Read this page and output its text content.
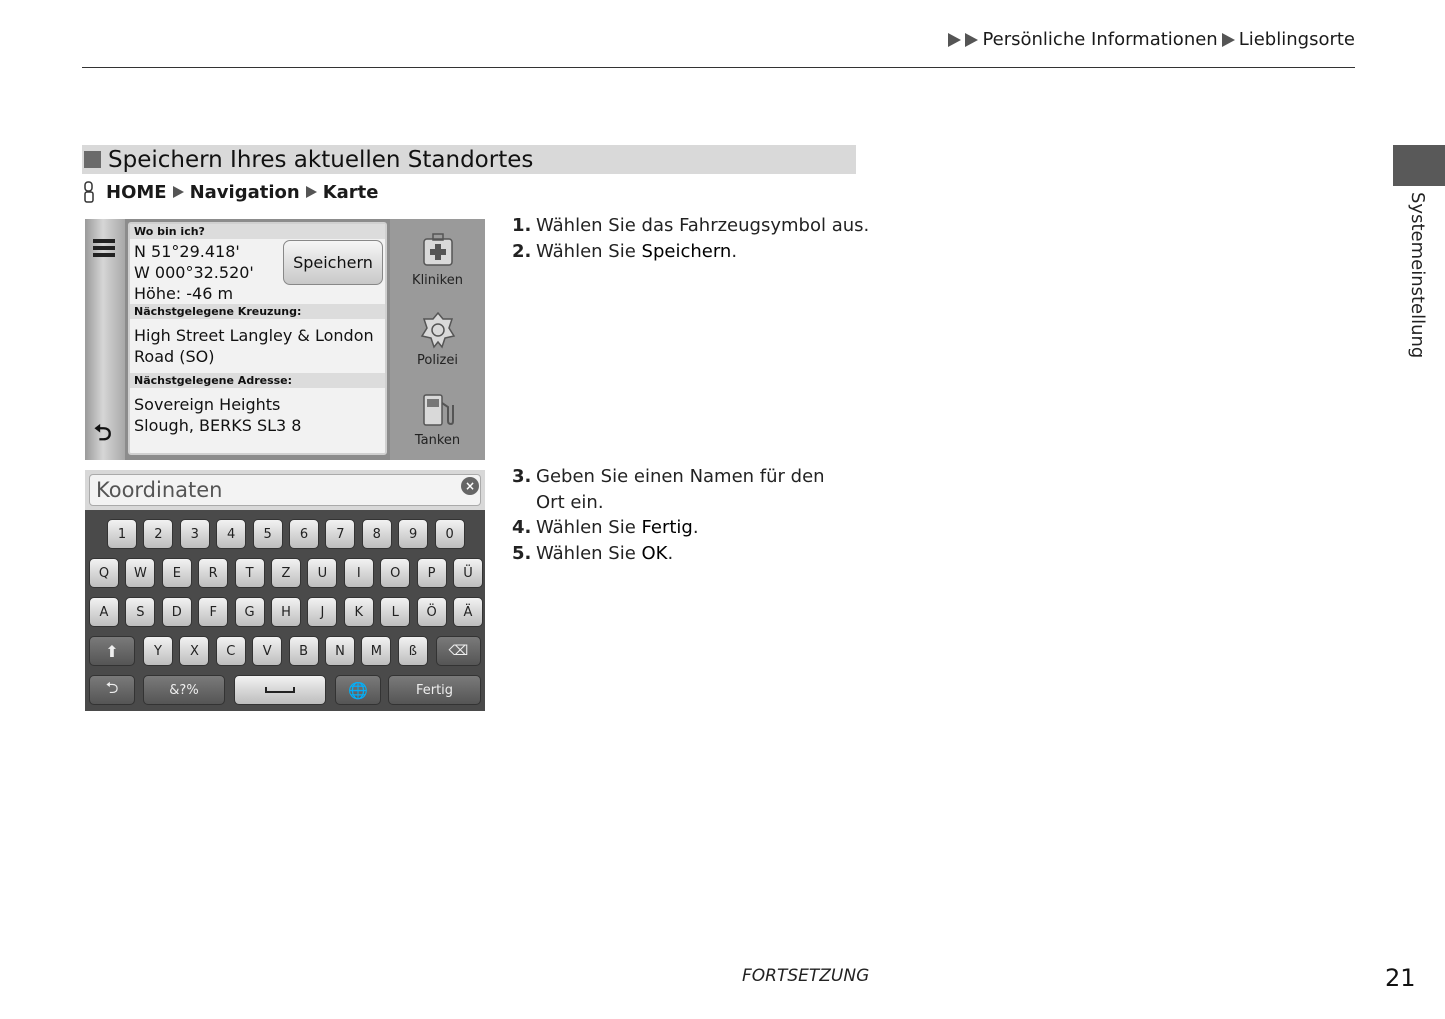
Persönliche Informationen Lieblingsorte
Systemeinstellung
Speichern Ihres aktuellen Standortes
HOME Navigation Karte
⮌
Wo bin ich?
N 51°29.418'
W 000°32.520'
Höhe: -46 m
Nächstgelegene Kreuzung:
High Street Langley & London
Road (SO)
Nächstgelegene Adresse:
Sovereign Heights
Slough, BERKS SL3 8
Speichern
Kliniken
Polizei
Tanken
Koordinaten	×
1	2	3	4	5	6	7	8	9	0
Q	W	E	R	T	Z	U	I	O	P	Ü
A	S	D	F	G	H	J	K	L	Ö	Ä
⬆	Y	X	C	V	B	N	M	ß	⌫
⮌	&?%	🌐	Fertig
1. Wählen Sie das Fahrzeugsymbol aus.
2. Wählen Sie Speichern.
3. Geben Sie einen Namen für den Ort ein.
4. Wählen Sie Fertig.
5. Wählen Sie OK.
FORTSETZUNG	21
